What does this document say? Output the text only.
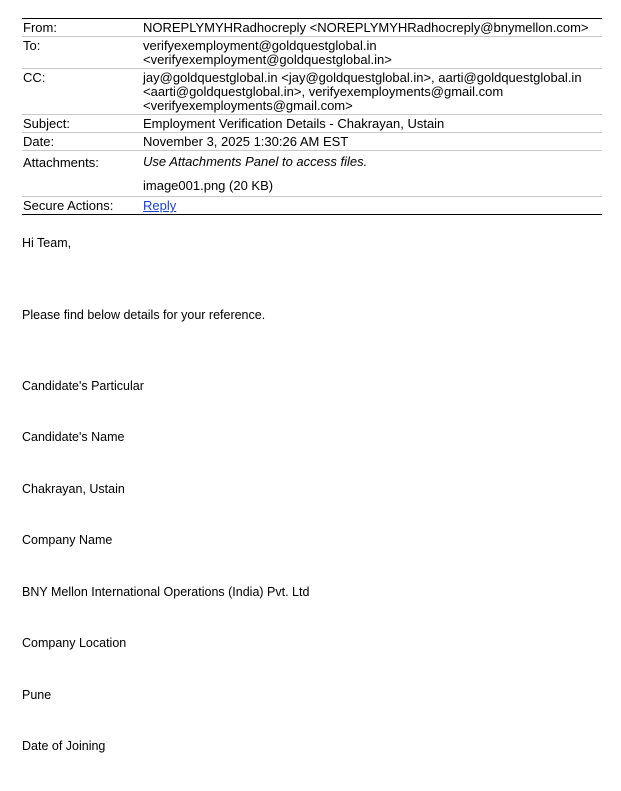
From:	NOREPLYMYHRadhocreply <NOREPLYMYHRadhocreply@bnymellon.com>
To:	verifyexemployment@goldquestglobal.in
<verifyexemployment@goldquestglobal.in>
CC:	jay@goldquestglobal.in <jay@goldquestglobal.in>, aarti@goldquestglobal.in
<aarti@goldquestglobal.in>, verifyexemployments@gmail.com
<verifyexemployments@gmail.com>
Subject:	Employment Verification Details - Chakrayan, Ustain
Date:	November 3, 2025 1:30:26 AM EST
Attachments:	Use Attachments Panel to access files.
image001.png (20 KB)
Secure Actions:	Reply
Hi Team,
Please find below details for your reference.
Candidate's Particular
Candidate's Name
Chakrayan, Ustain
Company Name
BNY Mellon International Operations (India) Pvt. Ltd
Company Location
Pune
Date of Joining
